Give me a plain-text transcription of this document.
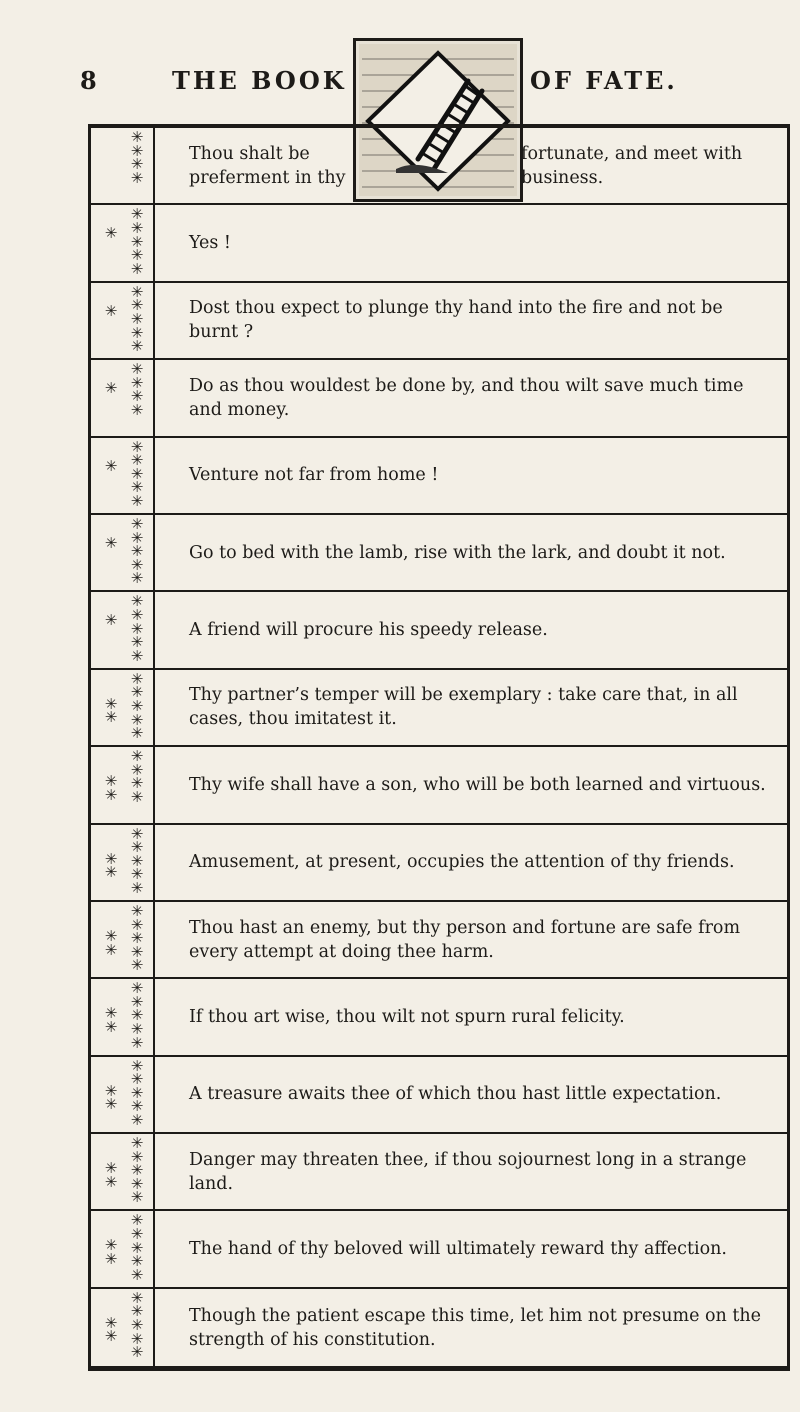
8	THE BOOK	OF FATE.
✳
✳
✳
✳
Thou shalt be preferment in thy
fortunate, and meet with business.
✳
✳
✳
✳
✳
✳
Yes !
✳
✳
✳
✳
✳
✳
Dost thou expect to plunge thy hand into the fire and not be burnt ?
✳
✳
✳
✳
✳
Do as thou wouldest be done by, and thou wilt save much time and money.
✳
✳
✳
✳
✳
✳
Venture not far from home !
✳
✳
✳
✳
✳
✳
Go to bed with the lamb, rise with the lark, and doubt it not.
✳
✳
✳
✳
✳
✳
A friend will procure his speedy release.
✳
✳
✳
✳
✳
✳
✳
Thy partner’s temper will be exemplary : take care that, in all cases, thou imitatest it.
✳
✳
✳
✳
✳
✳
Thy wife shall have a son, who will be both learned and virtuous.
✳
✳
✳
✳
✳
✳
✳
Amusement, at present, occupies the attention of thy friends.
✳
✳
✳
✳
✳
✳
✳
Thou hast an enemy, but thy person and fortune are safe from every attempt at doing thee harm.
✳
✳
✳
✳
✳
✳
✳
If thou art wise, thou wilt not spurn rural felicity.
✳
✳
✳
✳
✳
✳
✳
A treasure awaits thee of which thou hast little expectation.
✳
✳
✳
✳
✳
✳
✳
Danger may threaten thee, if thou sojournest long in a strange land.
✳
✳
✳
✳
✳
✳
✳
The hand of thy beloved will ultimately reward thy affection.
✳
✳
✳
✳
✳
✳
✳
Though the patient escape this time, let him not presume on the strength of his constitution.
